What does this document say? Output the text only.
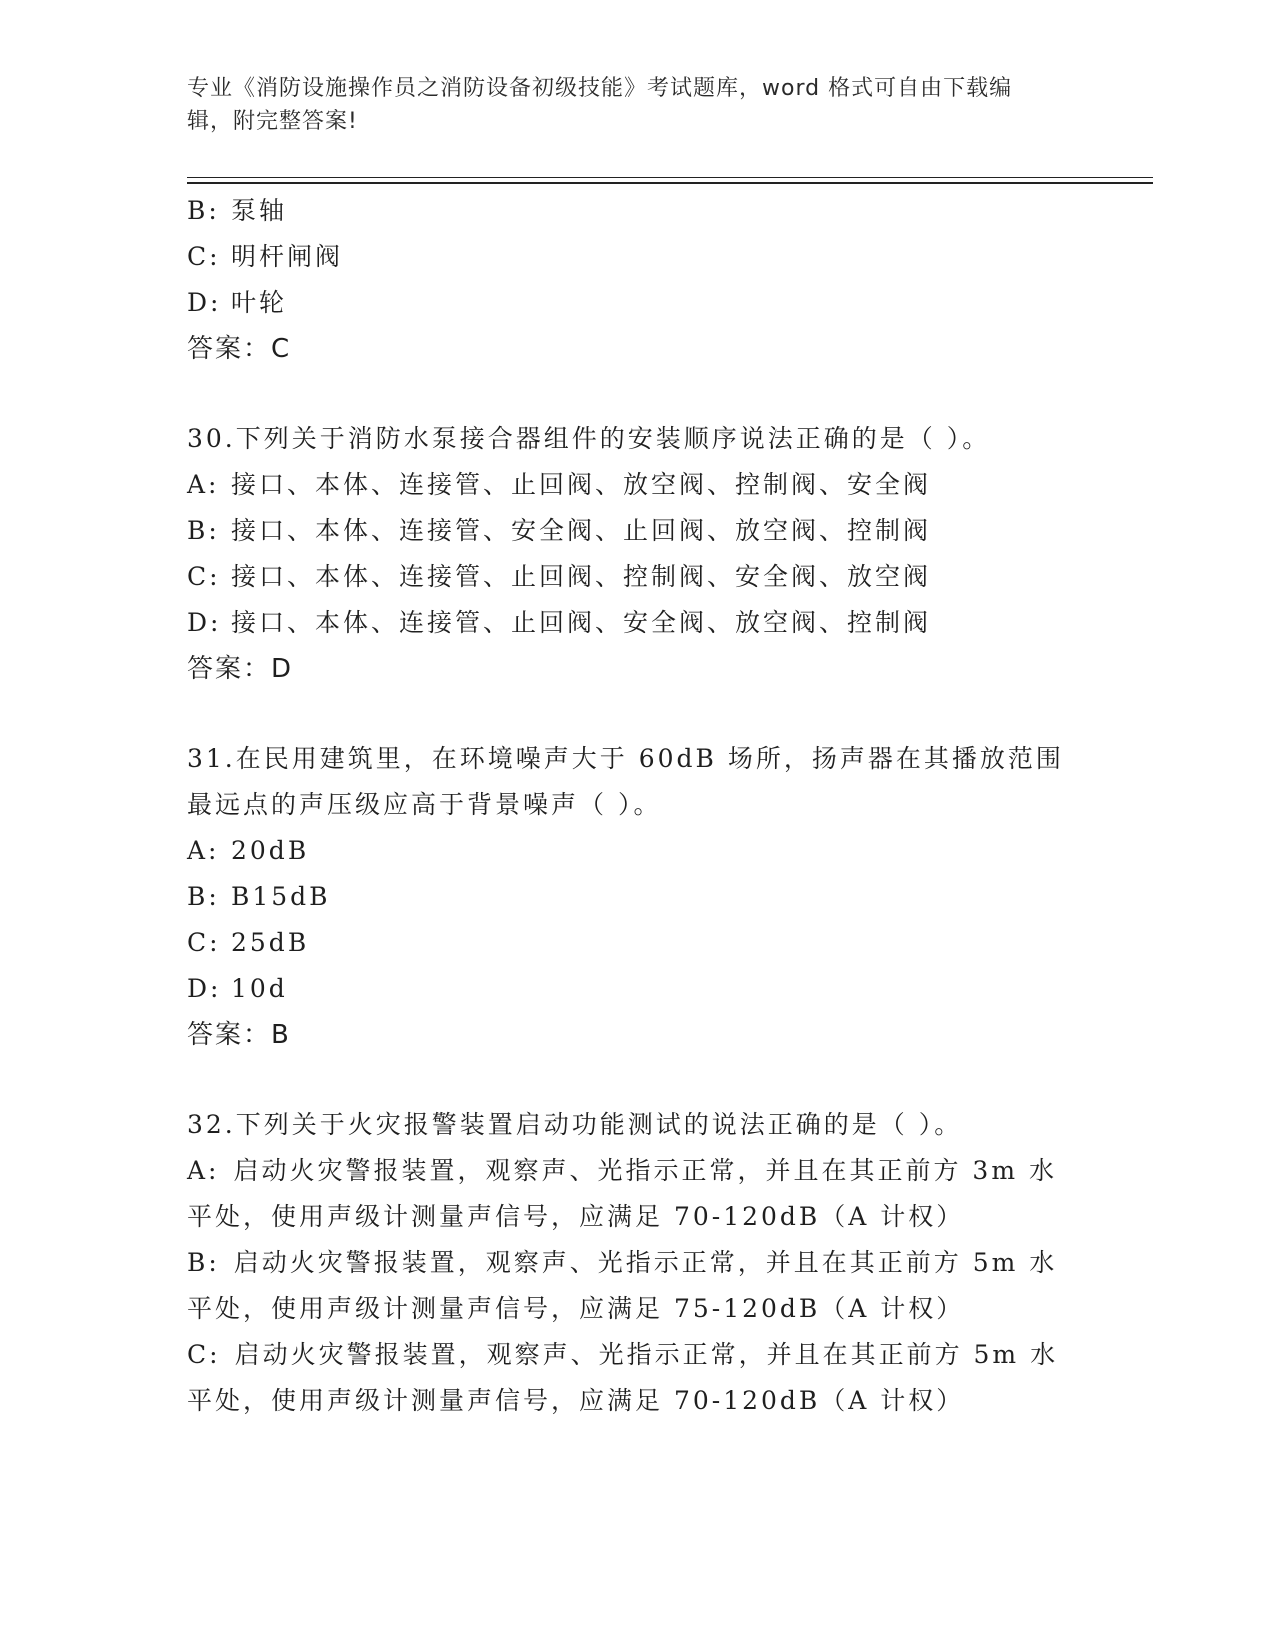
专业《消防设施操作员之消防设备初级技能》考试题库，word 格式可自由下载编
辑，附完整答案!
B: 泵轴
C: 明杆闸阀
D: 叶轮
答案：C
30.下列关于消防水泵接合器组件的安装顺序说法正确的是（ ）。
A: 接口、本体、连接管、止回阀、放空阀、控制阀、安全阀
B: 接口、本体、连接管、安全阀、止回阀、放空阀、控制阀
C: 接口、本体、连接管、止回阀、控制阀、安全阀、放空阀
D: 接口、本体、连接管、止回阀、安全阀、放空阀、控制阀
答案：D
31.在民用建筑里，在环境噪声大于 60dB 场所，扬声器在其播放范围
最远点的声压级应高于背景噪声（ ）。
A: 20dB
B: B15dB
C: 25dB
D: 10d
答案：B
32.下列关于火灾报警装置启动功能测试的说法正确的是（ ）。
A: 启动火灾警报装置，观察声、光指示正常，并且在其正前方 3m 水
平处，使用声级计测量声信号，应满足 70-120dB（A 计权）
B: 启动火灾警报装置，观察声、光指示正常，并且在其正前方 5m 水
平处，使用声级计测量声信号，应满足 75-120dB（A 计权）
C: 启动火灾警报装置，观察声、光指示正常，并且在其正前方 5m 水
平处，使用声级计测量声信号，应满足 70-120dB（A 计权）
